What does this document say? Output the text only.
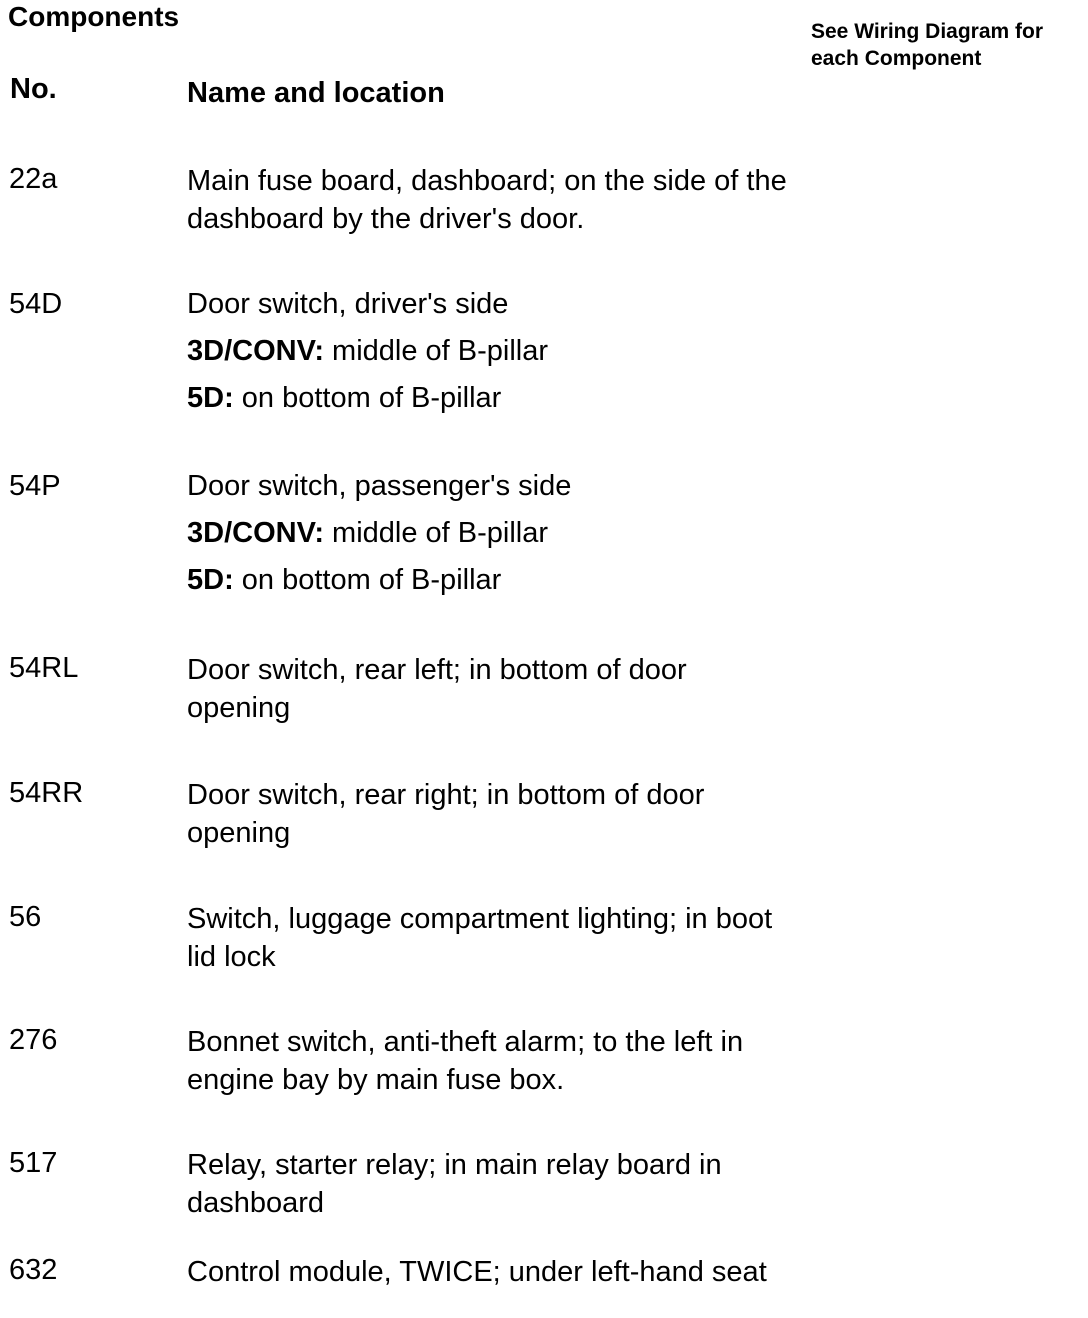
Components	See Wiring Diagram for
each Component
No.	Name and location
22a	Main fuse board, dashboard; on the side of the
dashboard by the driver's door.
54D	Door switch, driver's side
3D/CONV: middle of B-pillar
5D: on bottom of B-pillar
54P	Door switch, passenger's side
3D/CONV: middle of B-pillar
5D: on bottom of B-pillar
54RL	Door switch, rear left; in bottom of door
opening
54RR	Door switch, rear right; in bottom of door
opening
56	Switch, luggage compartment lighting; in boot
lid lock
276	Bonnet switch, anti-theft alarm; to the left in
engine bay by main fuse box.
517	Relay, starter relay; in main relay board in
dashboard
632	Control module, TWICE; under left-hand seat
